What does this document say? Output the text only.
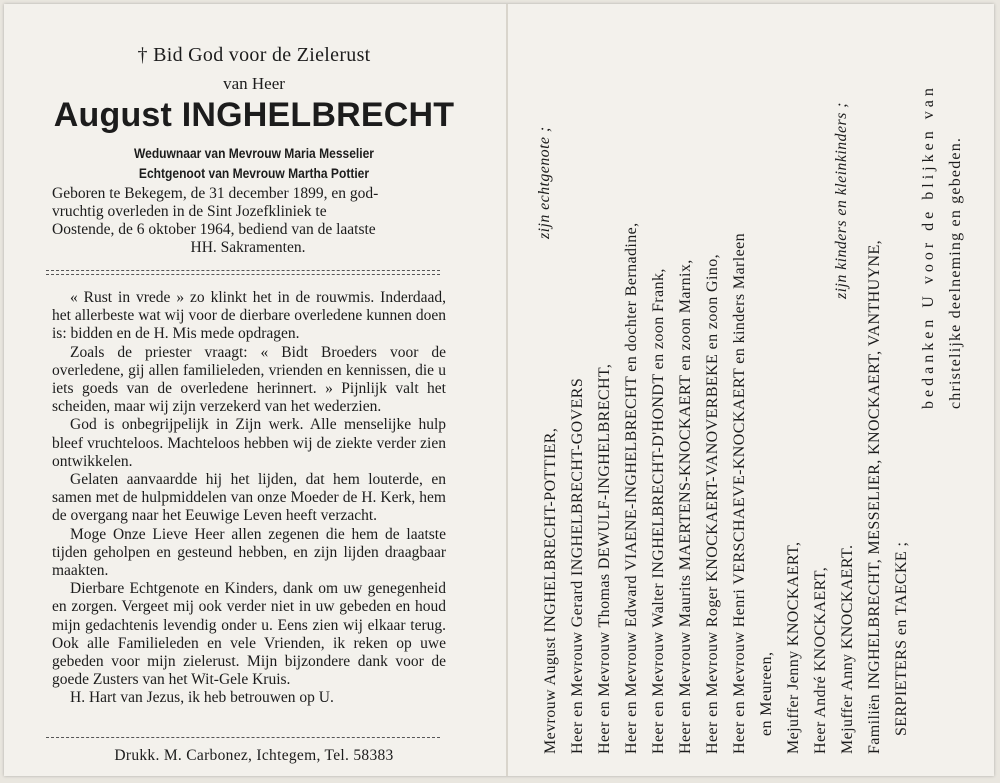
† Bid God voor de Zielerust
van Heer
August INGHELBRECHT
Weduwnaar van Mevrouw Maria Messelier
Echtgenoot van Mevrouw Martha Pottier
Geboren te Bekegem, de 31 december 1899, en god-
vruchtig overleden in de Sint Jozefkliniek te
Oostende, de 6 oktober 1964, bediend van de laatste
HH. Sakramenten.

« Rust in vrede » zo klinkt het in de rouwmis. Inderdaad, het allerbeste wat wij voor de dierbare overledene kunnen doen is: bidden en de H. Mis mede opdragen.

Zoals de priester vraagt: « Bidt Broeders voor de overledene, gij allen familieleden, vrienden en kennissen, die u iets goeds van de overledene herinnert. » Pijnlijk valt het scheiden, maar wij zijn verzekerd van het wederzien.

God is onbegrijpelijk in Zijn werk. Alle menselijke hulp bleef vruchteloos. Machteloos hebben wij de ziekte verder zien ontwikkelen.

Gelaten aanvaardde hij het lijden, dat hem louterde, en samen met de hulpmiddelen van onze Moeder de H. Kerk, hem de overgang naar het Eeuwige Leven heeft verzacht.

Moge Onze Lieve Heer allen zegenen die hem de laatste tijden geholpen en gesteund hebben, en zijn lijden draagbaar maakten.

Dierbare Echtgenote en Kinders, dank om uw genegenheid en zorgen. Vergeet mij ook verder niet in uw gebeden en houd mijn gedachtenis levendig onder u. Eens zien wij elkaar terug. Ook alle Familieleden en vele Vrienden, ik reken op uwe gebeden voor mijn zielerust. Mijn bijzondere dank voor de goede Zusters van het Wit-Gele Kruis.

H. Hart van Jezus, ik heb betrouwen op U.

Drukk. M. Carbonez, Ichtegem, Tel. 58383
zijn echtgenote ;
Mevrouw August INGHELBRECHT-POTTIER, Heer en Mevrouw Gerard INGHELBRECHT-GOVERS Heer en Mevrouw Thomas DEWULF-INGHELBRECHT, Heer en Mevrouw Edward VIAENE-INGHELBRECHT en dochter Bernadine, Heer en Mevrouw Walter INGHELBRECHT-D'HONDT en zoon Frank, Heer en Mevrouw Maurits MAERTENS-KNOCKAERT en zoon Marnix, Heer en Mevrouw Roger KNOCKAERT-VANOVERBEKE en zoon Gino, Heer en Mevrouw Henri VERSCHAEVE-KNOCKAERT en kinders Marleen en Meureen, Mejuffer Jenny KNOCKAERT, Heer André KNOCKAERT, Mejuffer Anny KNOCKAERT.
zijn kinders en kleinkinders ;
Familiën INGHELBRECHT, MESSELIER, KNOCKAERT, VANTHUYNE, SERPIETERS en TAECKE ;
bedanken U voor de blijken van christelijke deelneming en gebeden.
